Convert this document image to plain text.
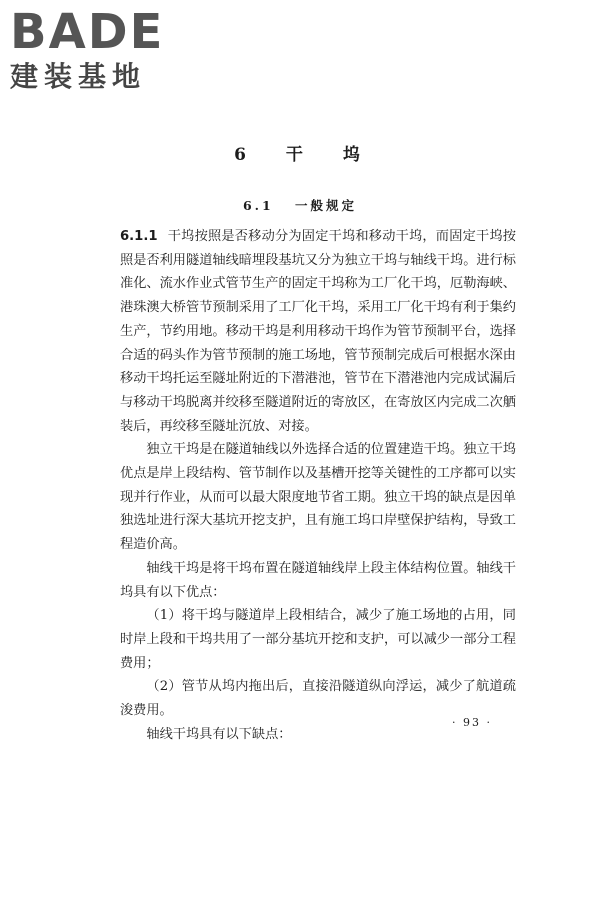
BADE
建装基地
6 干 坞
6.1 一般规定

6.1.1 干坞按照是否移动分为固定干坞和移动干坞，而固定干坞按照是否利用隧道轴线暗埋段基坑又分为独立干坞与轴线干坞。进行标准化、流水作业式管节生产的固定干坞称为工厂化干坞，厄勒海峡、港珠澳大桥管节预制采用了工厂化干坞，采用工厂化干坞有利于集约生产，节约用地。移动干坞是利用移动干坞作为管节预制平台，选择合适的码头作为管节预制的施工场地，管节预制完成后可根据水深由移动干坞托运至隧址附近的下潜港池，管节在下潜港池内完成试漏后与移动干坞脱离并绞移至隧道附近的寄放区，在寄放区内完成二次舾装后，再绞移至隧址沉放、对接。

独立干坞是在隧道轴线以外选择合适的位置建造干坞。独立干坞优点是岸上段结构、管节制作以及基槽开挖等关键性的工序都可以实现并行作业，从而可以最大限度地节省工期。独立干坞的缺点是因单独选址进行深大基坑开挖支护，且有施工坞口岸壁保护结构，导致工程造价高。

轴线干坞是将干坞布置在隧道轴线岸上段主体结构位置。轴线干坞具有以下优点：

（1）将干坞与隧道岸上段相结合，减少了施工场地的占用，同时岸上段和干坞共用了一部分基坑开挖和支护，可以减少一部分工程费用；

（2）管节从坞内拖出后，直接沿隧道纵向浮运，减少了航道疏浚费用。

轴线干坞具有以下缺点：

· 93 ·
